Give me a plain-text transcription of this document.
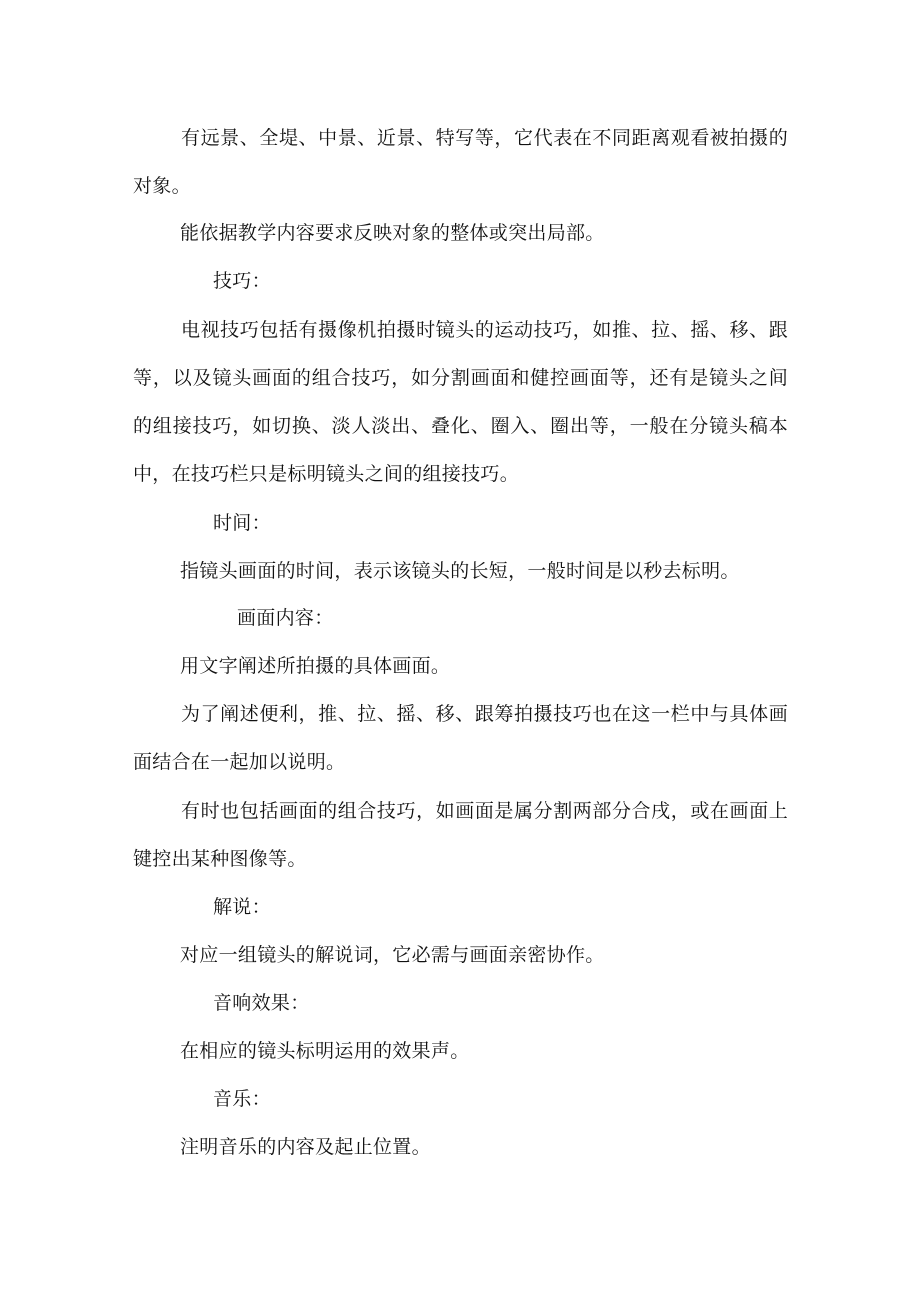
有远景、全堤、中景、近景、特写等，它代表在不同距离观看被拍摄的对象。
能依据教学内容要求反映对象的整体或突出局部。
技巧：
电视技巧包括有摄像机拍摄时镜头的运动技巧，如推、拉、摇、移、跟等，以及镜头画面的组合技巧，如分割画面和健控画面等，还有是镜头之间的组接技巧，如切换、淡人淡出、叠化、圈入、圈出等，一般在分镜头稿本中，在技巧栏只是标明镜头之间的组接技巧。
时间：
指镜头画面的时间，表示该镜头的长短，一般时间是以秒去标明。
画面内容：
用文字阐述所拍摄的具体画面。
为了阐述便利，推、拉、摇、移、跟筹拍摄技巧也在这一栏中与具体画面结合在一起加以说明。
有时也包括画面的组合技巧，如画面是属分割两部分合戌，或在画面上键控出某种图像等。
解说：
对应一组镜头的解说词，它必需与画面亲密协作。
音响效果：
在相应的镜头标明运用的效果声。
音乐：
注明音乐的内容及起止位置。
